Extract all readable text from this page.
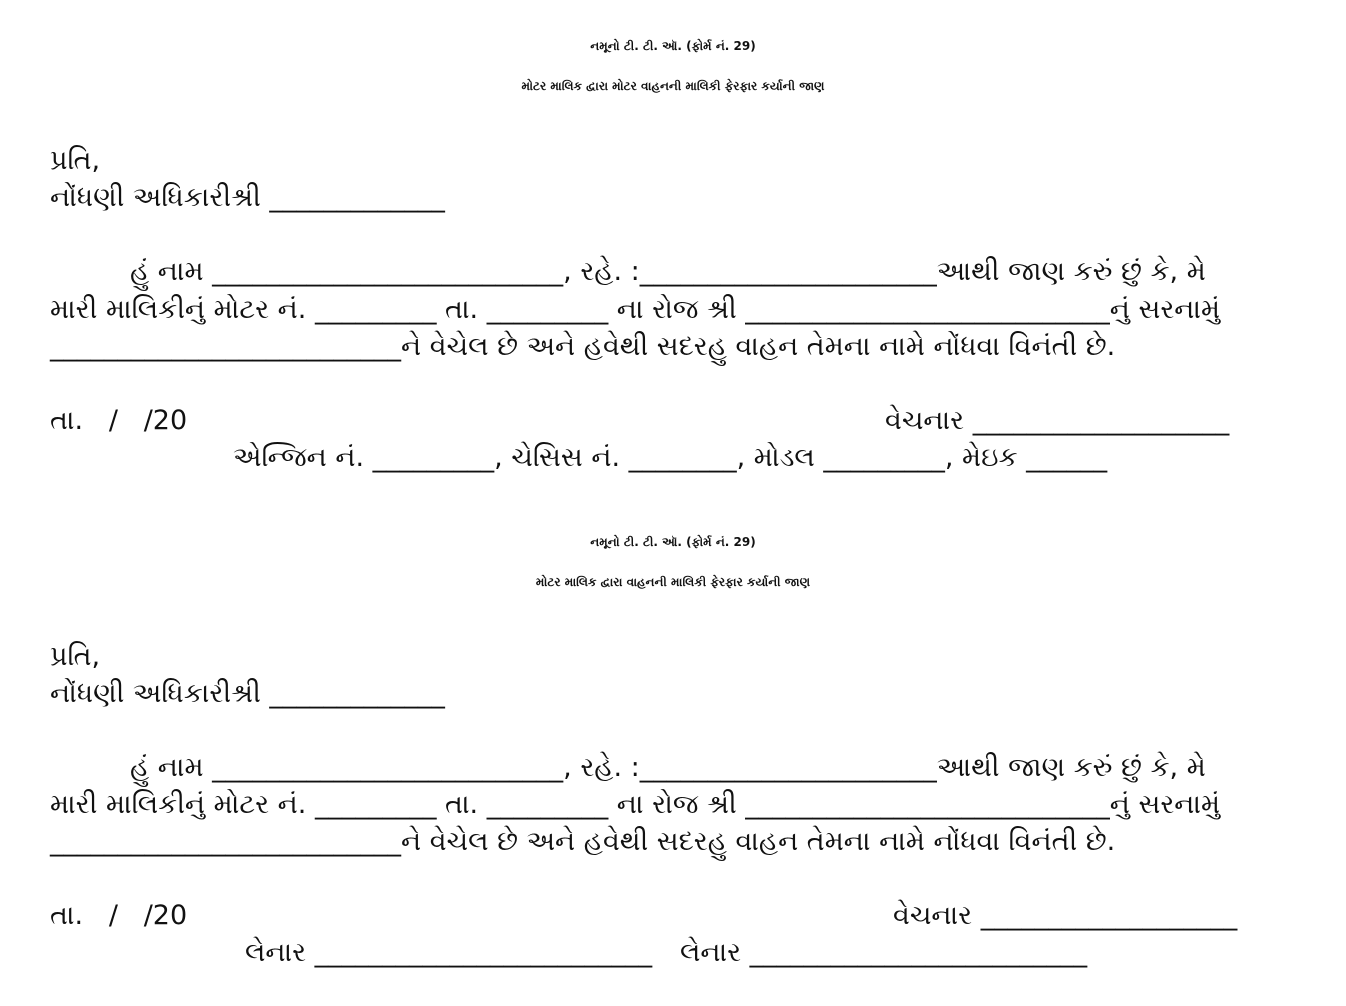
નમૂનો ટી. ટી. ઑ. (ફોર્મ નં. 29)
મોટર માલિક દ્વારા મોટર વાહનની માલિકી ફેરફાર કર્યાની જાણ
પ્રતિ,
નોંધણી અધિકારીશ્રી _____________
હું નામ __________________________, રહે. :______________________આથી જાણ કરું છું કે, મે
મારી માલિકીનું મોટર નં. _________ તા. _________ ના રોજ શ્રી ___________________________નું સરનામું
__________________________ને વેચેલ છે અને હવેથી સદરહુ વાહન તેમના નામે નોંધવા વિનંતી છે.
તા.   /   /20	વેચનાર ___________________
એન્જિન નં. _________, ચેસિસ નં. ________, મોડલ _________, મેઇક ______
નમૂનો ટી. ટી. ઑ. (ફોર્મ નં. 29)
મોટર માલિક દ્વારા વાહનની માલિકી ફેરફાર કર્યાની જાણ
પ્રતિ,
નોંધણી અધિકારીશ્રી _____________
હું નામ __________________________, રહે. :______________________આથી જાણ કરું છું કે, મે
મારી માલિકીનું મોટર નં. _________ તા. _________ ના રોજ શ્રી ___________________________નું સરનામું
__________________________ને વેચેલ છે અને હવેથી સદરહુ વાહન તેમના નામે નોંધવા વિનંતી છે.
તા.   /   /20	વેચનાર ___________________
લેનાર _________________________ લેનાર _________________________
